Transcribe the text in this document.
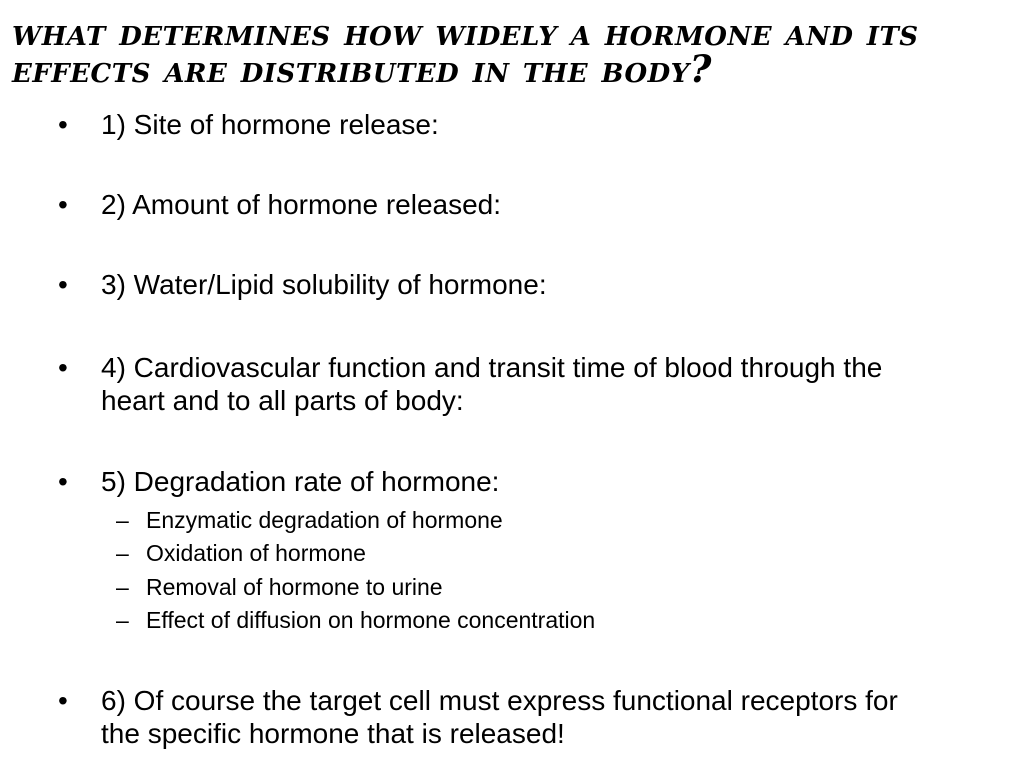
what determines how widely a hormone and its effects are distributed in the body?
•	1) Site of hormone release:
•	2) Amount of hormone released:
•	3) Water/Lipid solubility of hormone:
•	4) Cardiovascular function and transit time of blood through the heart and to all parts of body:
•	5) Degradation rate of hormone:
– Enzymatic degradation of hormone
– Oxidation of hormone
– Removal of hormone to urine
– Effect of diffusion on hormone concentration
•	6) Of course the target cell must express functional receptors for the specific hormone that is released!
